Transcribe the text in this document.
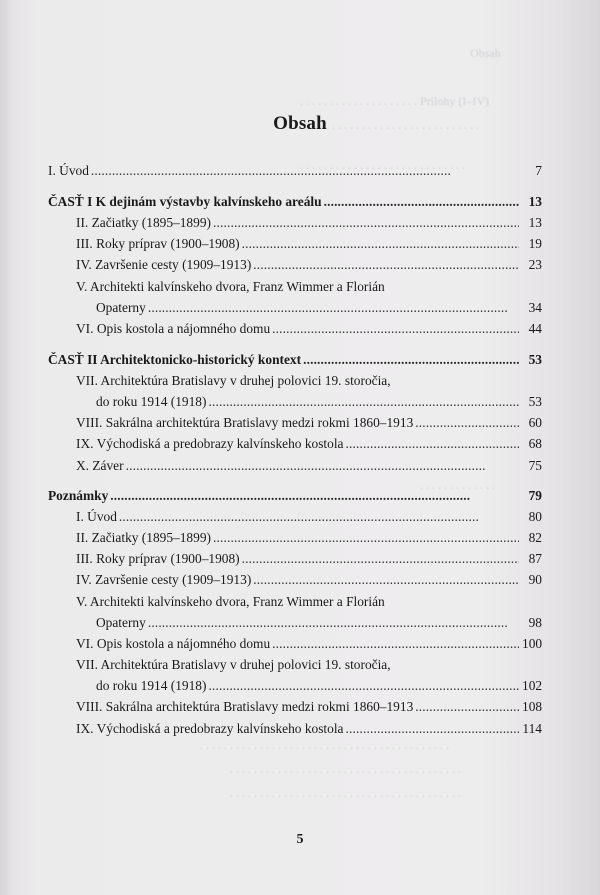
Obsah
. . . . . . . . . . . . . . . . . . . . Prílohy (I–IV)
. . . . . . . . . . . . . . . . . . . . . . . . . . .
. . . . . . . . . . . . . . . . . . . . . . . . . . . .
. . . . . . . . . . . . .
. . . . . . . . . . . . . . . . . . . . . . . . . . . . . . . . . . . . . . . . . .
. . . . . . . . . . . . . . . . . . . . . . . . . . . . . . . . . . . . . . .
. . . . . . . . . . . . . . . . . . . . . . . . . . . . . . . . . . . . . . .
Obsah
I. Úvod . . .	7
ČASŤ I K dejinám výstavby kalvínskeho areálu . . .	13
II. Začiatky (1895–1899) . . .	13
III. Roky príprav (1900–1908) . . .	19
IV. Završenie cesty (1909–1913) . . .	23
V. Architekti kalvínskeho dvora, Franz Wimmer a Florián
Opaterny . . .	34
VI. Opis kostola a nájomného domu . . .	44
ČASŤ II Architektonicko-historický kontext . . .	53
VII. Architektúra Bratislavy v druhej polovici 19. storočia,
do roku 1914 (1918) . . .	53
VIII. Sakrálna architektúra Bratislavy medzi rokmi 1860–1913 . . .	60
IX. Východiská a predobrazy kalvínskeho kostola . . .	68
X. Záver . . .	75
Poznámky . . .	79
I. Úvod . . .	80
II. Začiatky (1895–1899) . . .	82
III. Roky príprav (1900–1908) . . .	87
IV. Završenie cesty (1909–1913) . . .	90
V. Architekti kalvínskeho dvora, Franz Wimmer a Florián
Opaterny . . .	98
VI. Opis kostola a nájomného domu . . .	100
VII. Architektúra Bratislavy v druhej polovici 19. storočia,
do roku 1914 (1918) . . .	102
VIII. Sakrálna architektúra Bratislavy medzi rokmi 1860–1913 . . .	108
IX. Východiská a predobrazy kalvínskeho kostola . . .	114
5
